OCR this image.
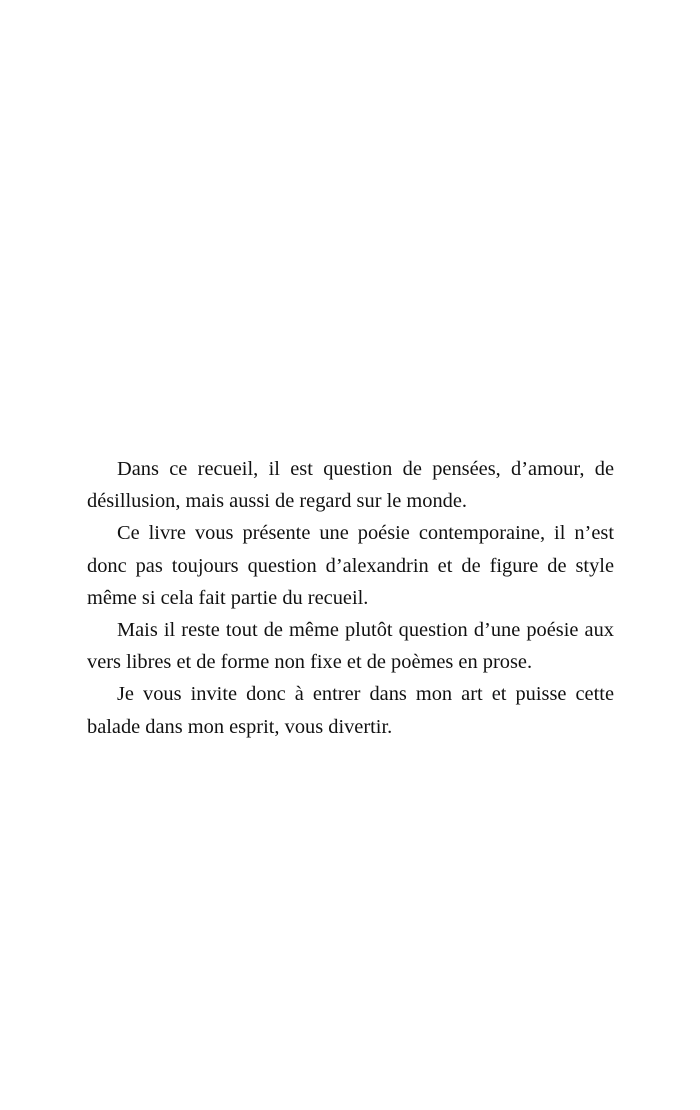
Dans ce recueil, il est question de pensées, d’amour, de désillusion, mais aussi de regard sur le monde.

Ce livre vous présente une poésie contemporaine, il n’est donc pas toujours question d’alexandrin et de figure de style même si cela fait partie du recueil.

Mais il reste tout de même plutôt question d’une poésie aux vers libres et de forme non fixe et de poèmes en prose.

Je vous invite donc à entrer dans mon art et puisse cette balade dans mon esprit, vous divertir.
